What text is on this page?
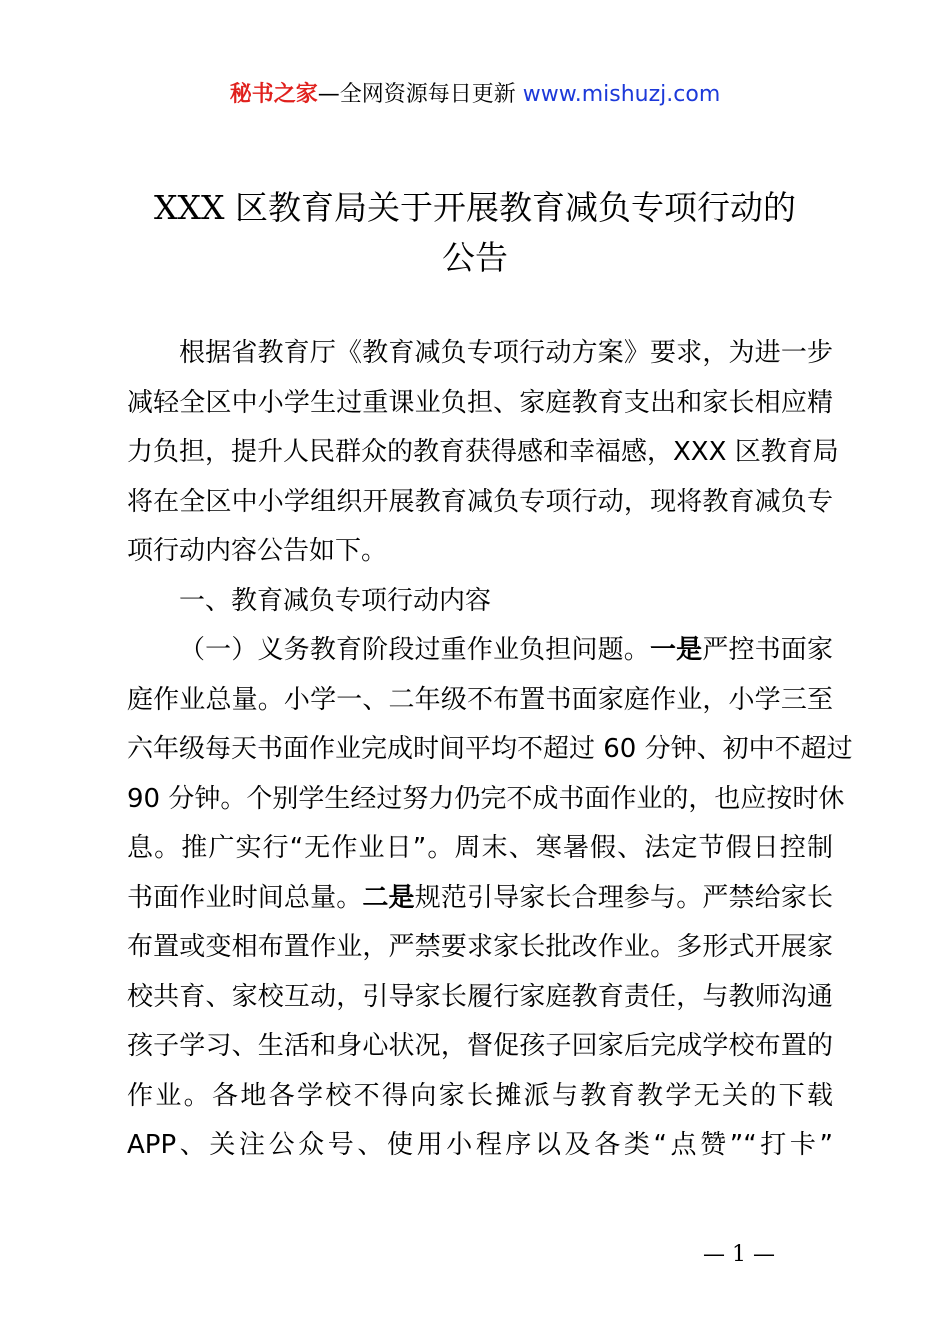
秘书之家—全网资源每日更新 www.mishuzj.com
XXX 区教育局关于开展教育减负专项行动的
公告
根据省教育厅《教育减负专项行动方案》要求，为进一步
减轻全区中小学生过重课业负担、家庭教育支出和家长相应精
力负担，提升人民群众的教育获得感和幸福感，XXX 区教育局
将在全区中小学组织开展教育减负专项行动，现将教育减负专
项行动内容公告如下。
一、教育减负专项行动内容
（一）义务教育阶段过重作业负担问题。一是严控书面家
庭作业总量。小学一、二年级不布置书面家庭作业，小学三至
六年级每天书面作业完成时间平均不超过 60 分钟、初中不超过
90 分钟。个别学生经过努力仍完不成书面作业的，也应按时休
息。推广实行“无作业日”。周末、寒暑假、法定节假日控制
书面作业时间总量。二是规范引导家长合理参与。严禁给家长
布置或变相布置作业，严禁要求家长批改作业。多形式开展家
校共育、家校互动，引导家长履行家庭教育责任，与教师沟通
孩子学习、生活和身心状况，督促孩子回家后完成学校布置的
作业。各地各学校不得向家长摊派与教育教学无关的下载
APP、关注公众号、使用小程序以及各类“点赞”“打卡”
— 1 —
